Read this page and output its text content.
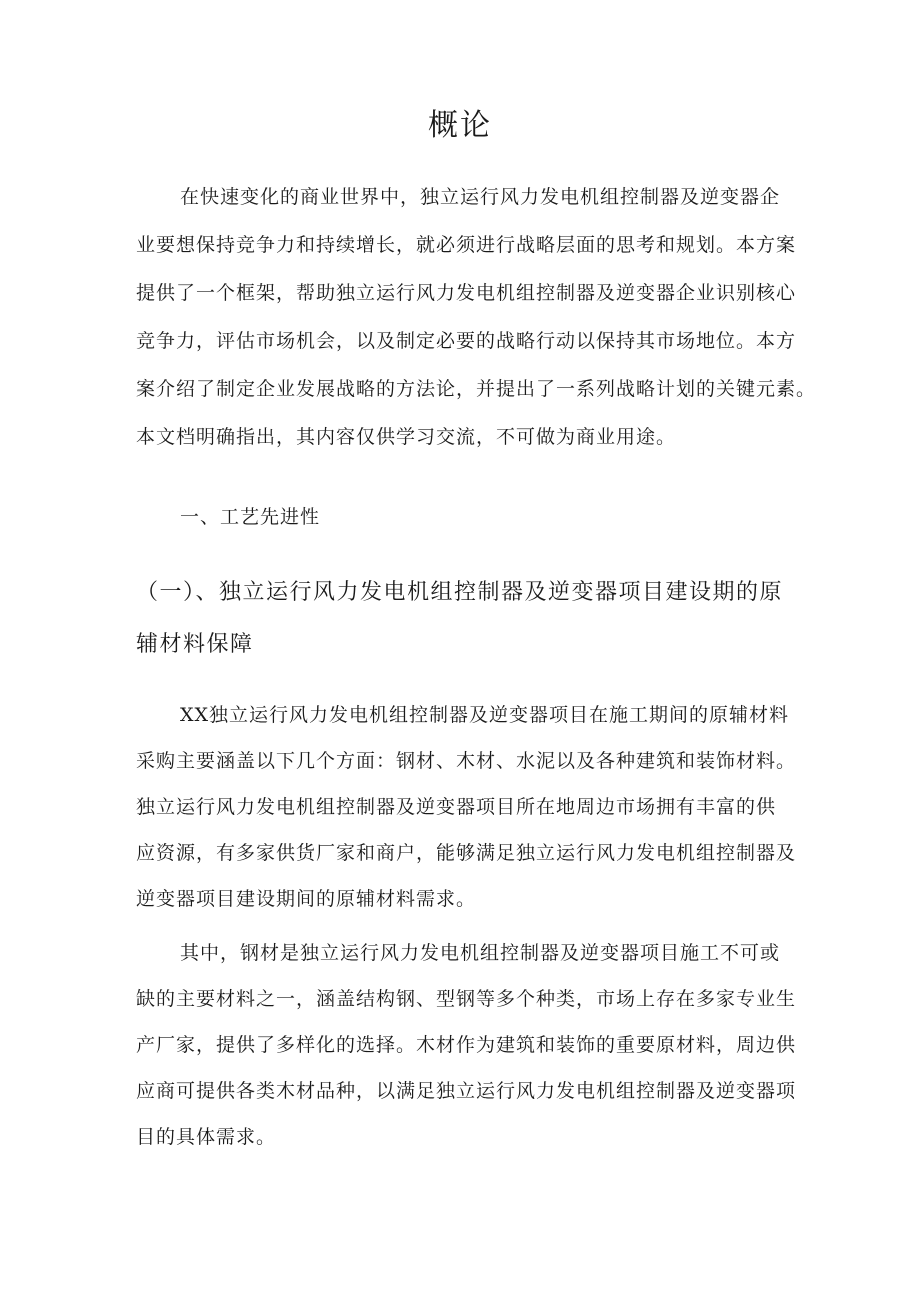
概论
在快速变化的商业世界中，独立运行风力发电机组控制器及逆变器企
业要想保持竞争力和持续增长，就必须进行战略层面的思考和规划。本方案
提供了一个框架，帮助独立运行风力发电机组控制器及逆变器企业识别核心
竞争力，评估市场机会，以及制定必要的战略行动以保持其市场地位。本方
案介绍了制定企业发展战略的方法论，并提出了一系列战略计划的关键元素。
本文档明确指出，其内容仅供学习交流，不可做为商业用途。
一、工艺先进性
（一）、独立运行风力发电机组控制器及逆变器项目建设期的原
辅材料保障
XX独立运行风力发电机组控制器及逆变器项目在施工期间的原辅材料
采购主要涵盖以下几个方面：钢材、木材、水泥以及各种建筑和装饰材料。
独立运行风力发电机组控制器及逆变器项目所在地周边市场拥有丰富的供
应资源，有多家供货厂家和商户，能够满足独立运行风力发电机组控制器及
逆变器项目建设期间的原辅材料需求。
其中，钢材是独立运行风力发电机组控制器及逆变器项目施工不可或
缺的主要材料之一，涵盖结构钢、型钢等多个种类，市场上存在多家专业生
产厂家，提供了多样化的选择。木材作为建筑和装饰的重要原材料，周边供
应商可提供各类木材品种，以满足独立运行风力发电机组控制器及逆变器项
目的具体需求。
